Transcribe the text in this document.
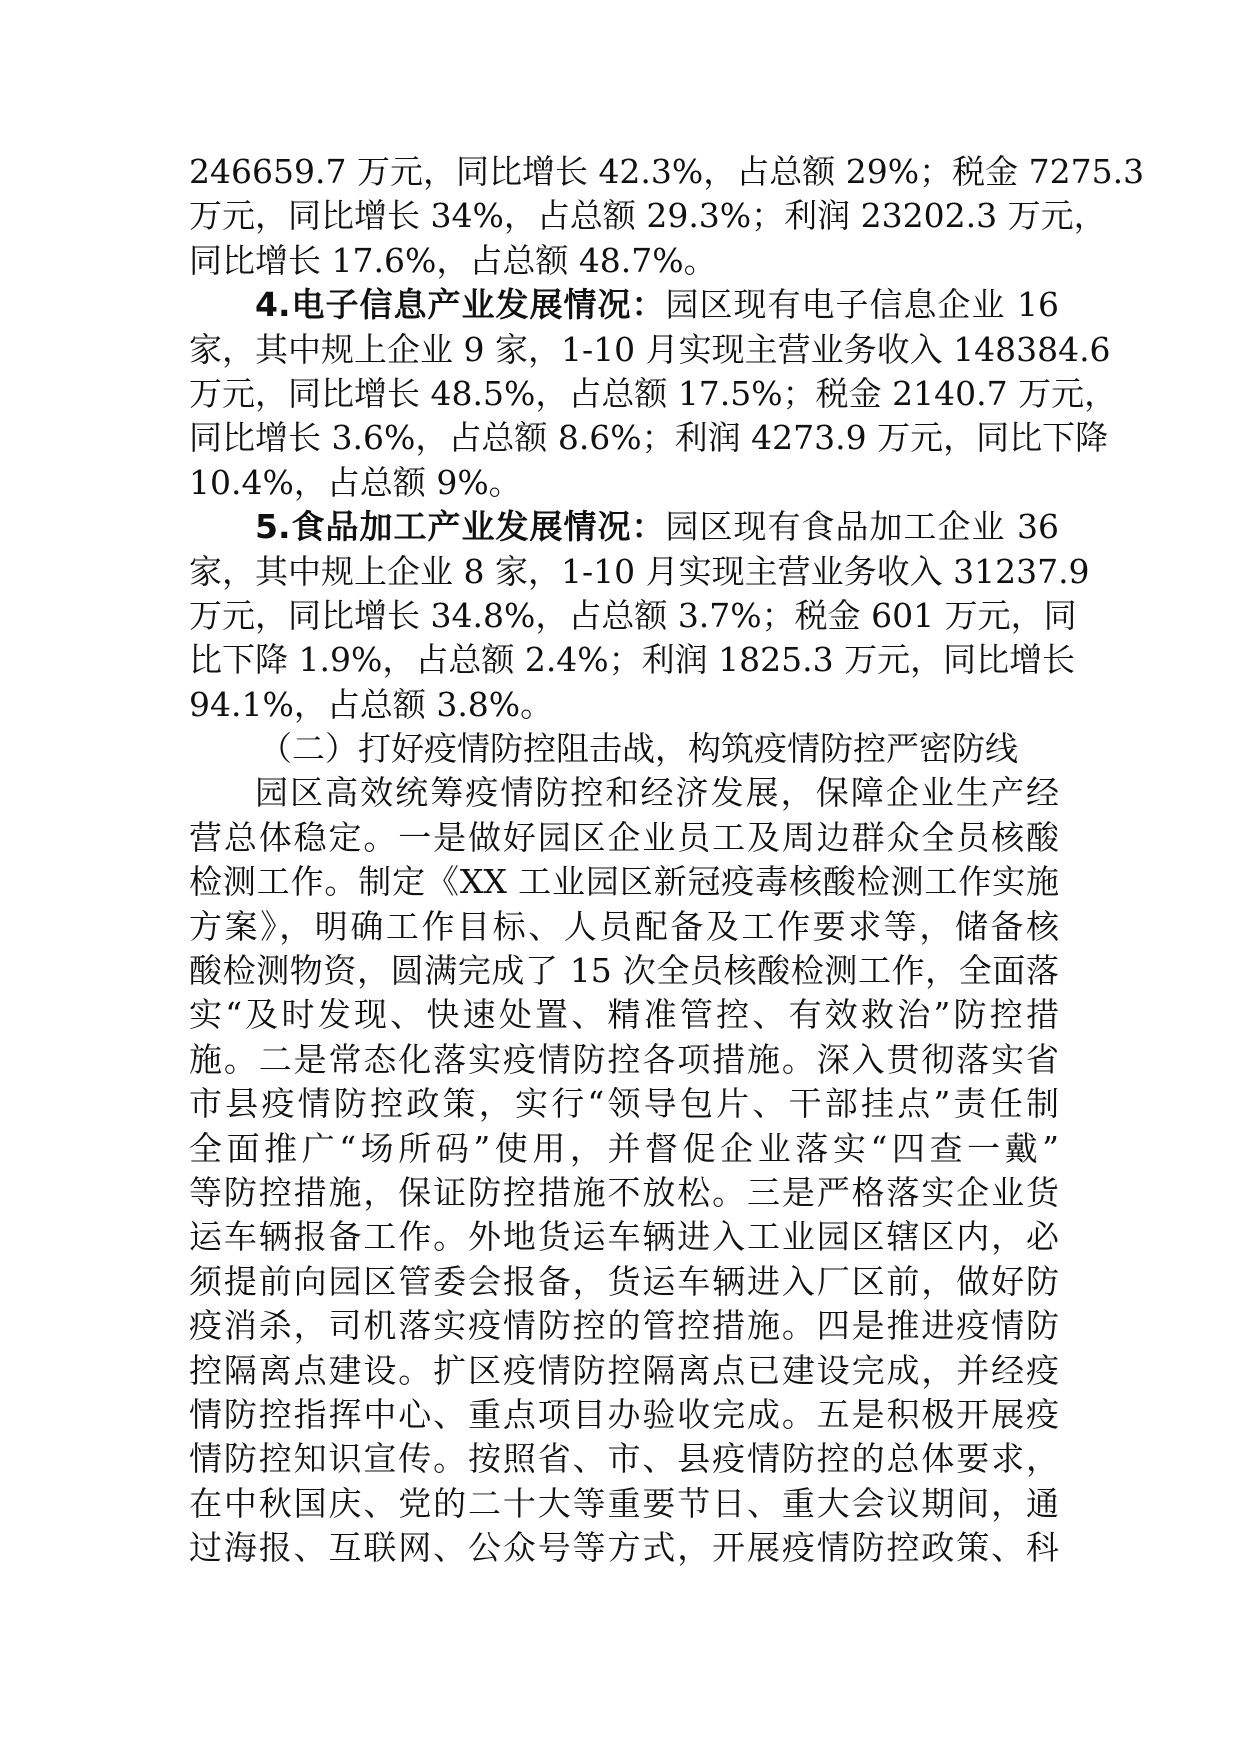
246659.7 万元，同比增长 42.3%，占总额 29%；税金 7275.3
万元，同比增长 34%，占总额 29.3%；利润 23202.3 万元，
同比增长 17.6%，占总额 48.7%。
4.电子信息产业发展情况：园区现有电子信息企业 16
家，其中规上企业 9 家，1-10 月实现主营业务收入 148384.6
万元，同比增长 48.5%，占总额 17.5%；税金 2140.7 万元，
同比增长 3.6%，占总额 8.6%；利润 4273.9 万元，同比下降
10.4%，占总额 9%。
5.食品加工产业发展情况：园区现有食品加工企业 36
家，其中规上企业 8 家，1-10 月实现主营业务收入 31237.9
万元，同比增长 34.8%，占总额 3.7%；税金 601 万元，同
比下降 1.9%，占总额 2.4%；利润 1825.3 万元，同比增长
94.1%，占总额 3.8%。
（二）打好疫情防控阻击战，构筑疫情防控严密防线
园区高效统筹疫情防控和经济发展，保障企业生产经
营总体稳定。一是做好园区企业员工及周边群众全员核酸
检测工作。制定《XX 工业园区新冠疫毒核酸检测工作实施
方案》，明确工作目标、人员配备及工作要求等，储备核
酸检测物资，圆满完成了 15 次全员核酸检测工作，全面落
实“及时发现、快速处置、精准管控、有效救治”防控措
施。二是常态化落实疫情防控各项措施。深入贯彻落实省
市县疫情防控政策，实行“领导包片、干部挂点”责任制
全面推广“场所码”使用，并督促企业落实“四查一戴”
等防控措施，保证防控措施不放松。三是严格落实企业货
运车辆报备工作。外地货运车辆进入工业园区辖区内，必
须提前向园区管委会报备，货运车辆进入厂区前，做好防
疫消杀，司机落实疫情防控的管控措施。四是推进疫情防
控隔离点建设。扩区疫情防控隔离点已建设完成，并经疫
情防控指挥中心、重点项目办验收完成。五是积极开展疫
情防控知识宣传。按照省、市、县疫情防控的总体要求，
在中秋国庆、党的二十大等重要节日、重大会议期间，通
过海报、互联网、公众号等方式，开展疫情防控政策、科
